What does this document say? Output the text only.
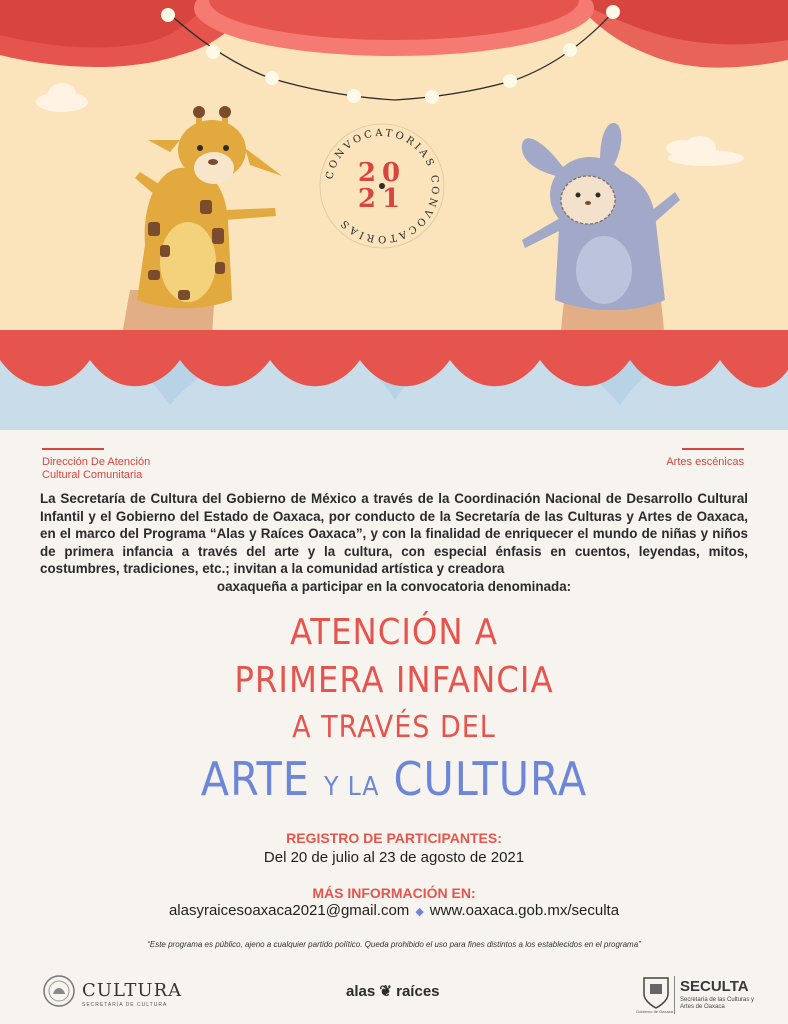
CONVOCATORIAS CONVOCATORIAS
20
21
Dirección De Atención
Cultural Comunitaria
Artes escénicas
La Secretaría de Cultura del Gobierno de México a través de la Coordinación Nacional de Desarrollo Cultural Infantil y el Gobierno del Estado de Oaxaca, por conducto de la Secretaría de las Culturas y Artes de Oaxaca, en el marco del Programa “Alas y Raíces Oaxaca”, y con la finalidad de enriquecer el mundo de niñas y niños de primera infancia a través del arte y la cultura, con especial énfasis en cuentos, leyendas, mitos, costumbres, tradiciones, etc.; invitan a la comunidad artística y creadora
oaxaqueña a participar en la convocatoria denominada:
ATENCIÓN A
PRIMERA INFANCIA
A TRAVÉS DEL
ARTE Y LA CULTURA
REGISTRO DE PARTICIPANTES:
Del 20 de julio al 23 de agosto de 2021
MÁS INFORMACIÓN EN:
alasyraicesoaxaca2021@gmail.com ◆ www.oaxaca.gob.mx/seculta
“Este programa es público, ajeno a cualquier partido político. Queda prohibido el uso para fines distintos a los establecidos en el programa”
CULTURA
SECRETARÍA DE CULTURA
alas ❦ raíces	SECULTA
Secretaría de las Culturas y Artes de Oaxaca
Gobierno de Oaxaca
